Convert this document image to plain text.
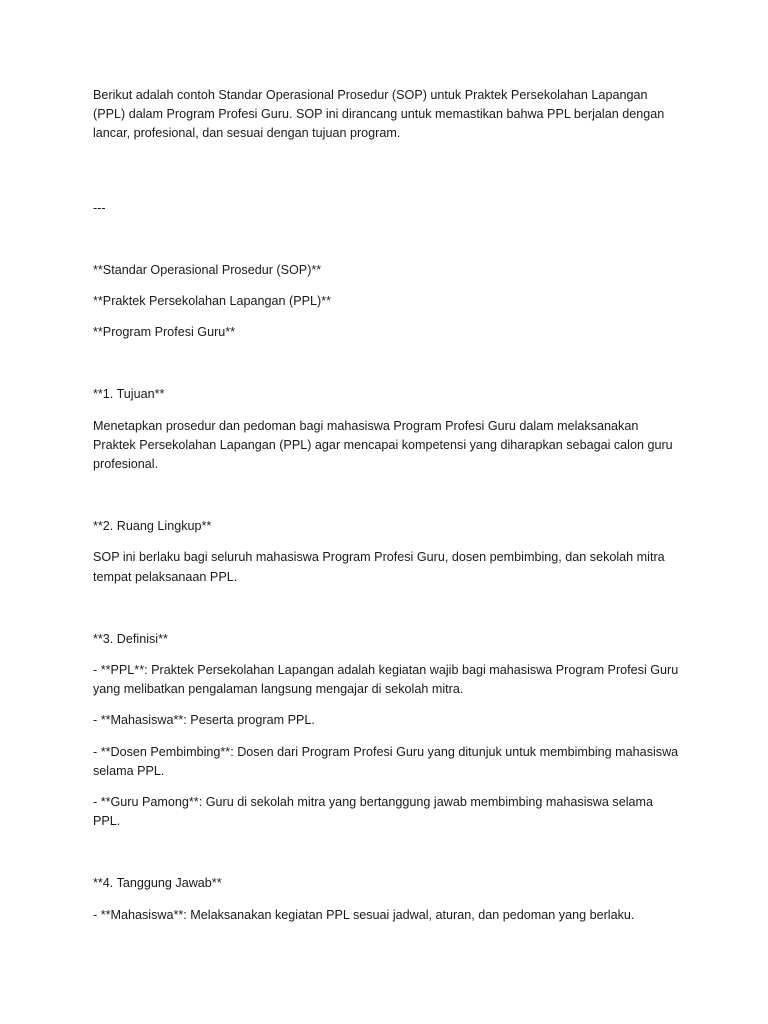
Berikut adalah contoh Standar Operasional Prosedur (SOP) untuk Praktek Persekolahan Lapangan (PPL) dalam Program Profesi Guru. SOP ini dirancang untuk memastikan bahwa PPL berjalan dengan lancar, profesional, dan sesuai dengan tujuan program.

---

**Standar Operasional Prosedur (SOP)**

**Praktek Persekolahan Lapangan (PPL)**

**Program Profesi Guru**

**1. Tujuan**

Menetapkan prosedur dan pedoman bagi mahasiswa Program Profesi Guru dalam melaksanakan Praktek Persekolahan Lapangan (PPL) agar mencapai kompetensi yang diharapkan sebagai calon guru profesional.

**2. Ruang Lingkup**

SOP ini berlaku bagi seluruh mahasiswa Program Profesi Guru, dosen pembimbing, dan sekolah mitra tempat pelaksanaan PPL.

**3. Definisi**

- **PPL**: Praktek Persekolahan Lapangan adalah kegiatan wajib bagi mahasiswa Program Profesi Guru yang melibatkan pengalaman langsung mengajar di sekolah mitra.

- **Mahasiswa**: Peserta program PPL.

- **Dosen Pembimbing**: Dosen dari Program Profesi Guru yang ditunjuk untuk membimbing mahasiswa selama PPL.

- **Guru Pamong**: Guru di sekolah mitra yang bertanggung jawab membimbing mahasiswa selama PPL.

**4. Tanggung Jawab**

- **Mahasiswa**: Melaksanakan kegiatan PPL sesuai jadwal, aturan, dan pedoman yang berlaku.
